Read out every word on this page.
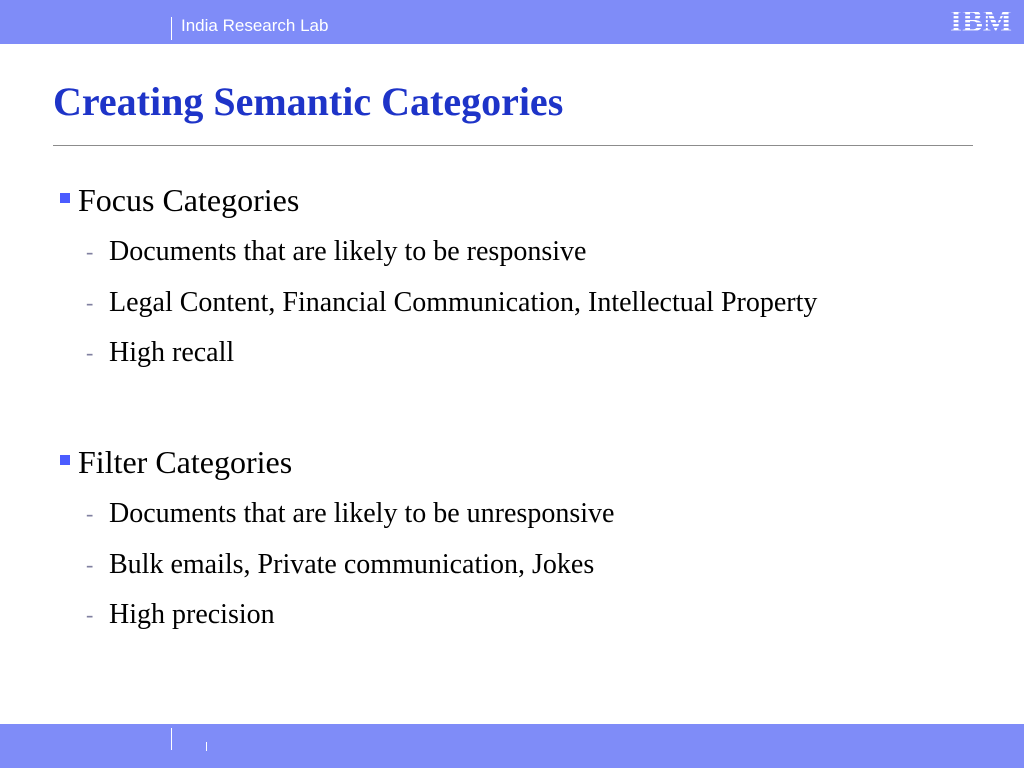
India Research Lab	IBM
Creating Semantic Categories
Focus Categories
- Documents that are likely to be responsive
- Legal Content, Financial Communication, Intellectual Property
- High recall
Filter Categories
- Documents that are likely to be unresponsive
- Bulk emails, Private communication, Jokes
- High precision
